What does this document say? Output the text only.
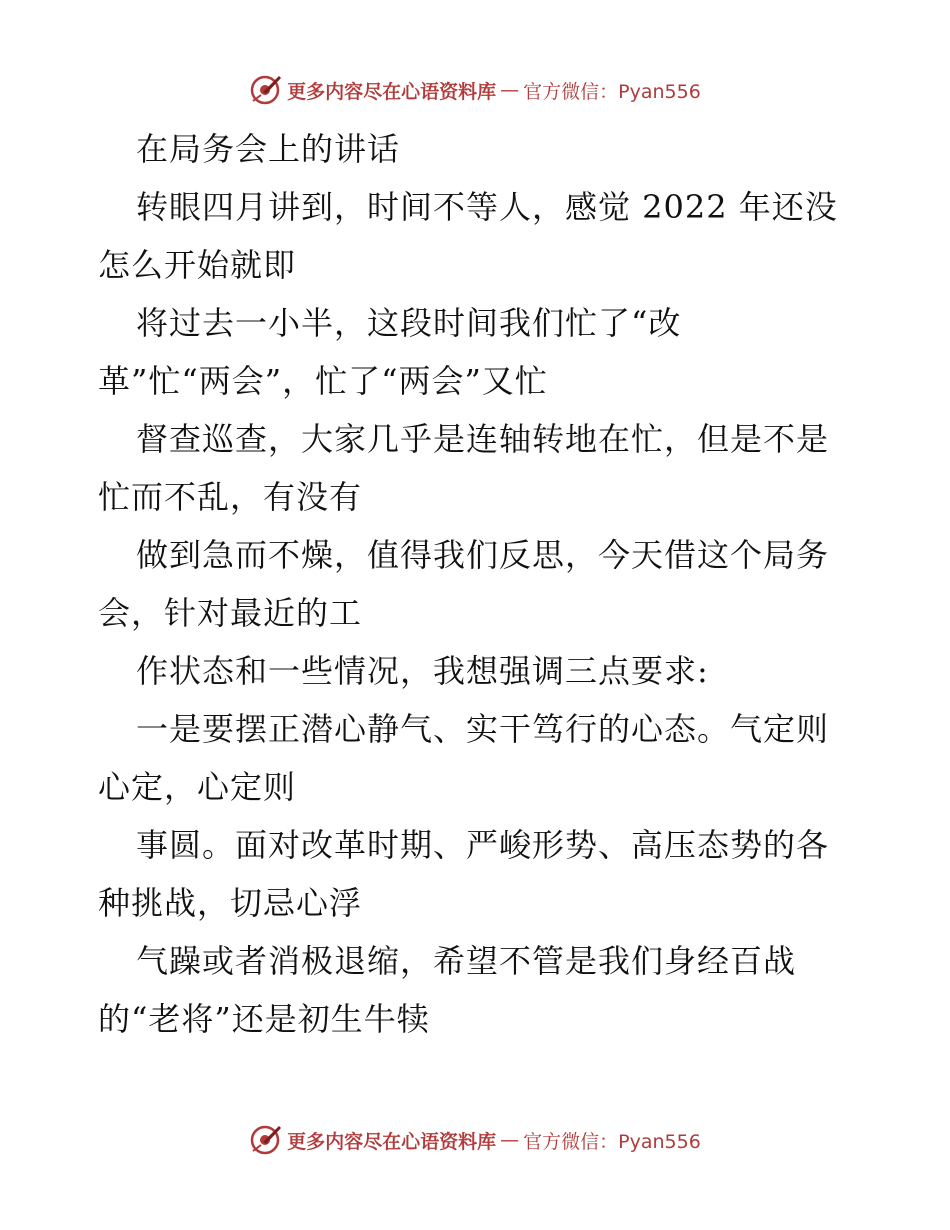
更多内容尽在心语资料库 — 官方微信：Pyan556
在局务会上的讲话
转眼四月讲到，时间不等人，感觉 2022 年还没
怎么开始就即
将过去一小半，这段时间我们忙了“改
革”忙“两会”，忙了“两会”又忙
督查巡查，大家几乎是连轴转地在忙，但是不是
忙而不乱，有没有
做到急而不燥，值得我们反思，今天借这个局务
会，针对最近的工
作状态和一些情况，我想强调三点要求:
一是要摆正潜心静气、实干笃行的心态。气定则
心定，心定则
事圆。面对改革时期、严峻形势、高压态势的各
种挑战，切忌心浮
气躁或者消极退缩，希望不管是我们身经百战
的“老将”还是初生牛犊
更多内容尽在心语资料库 — 官方微信：Pyan556
